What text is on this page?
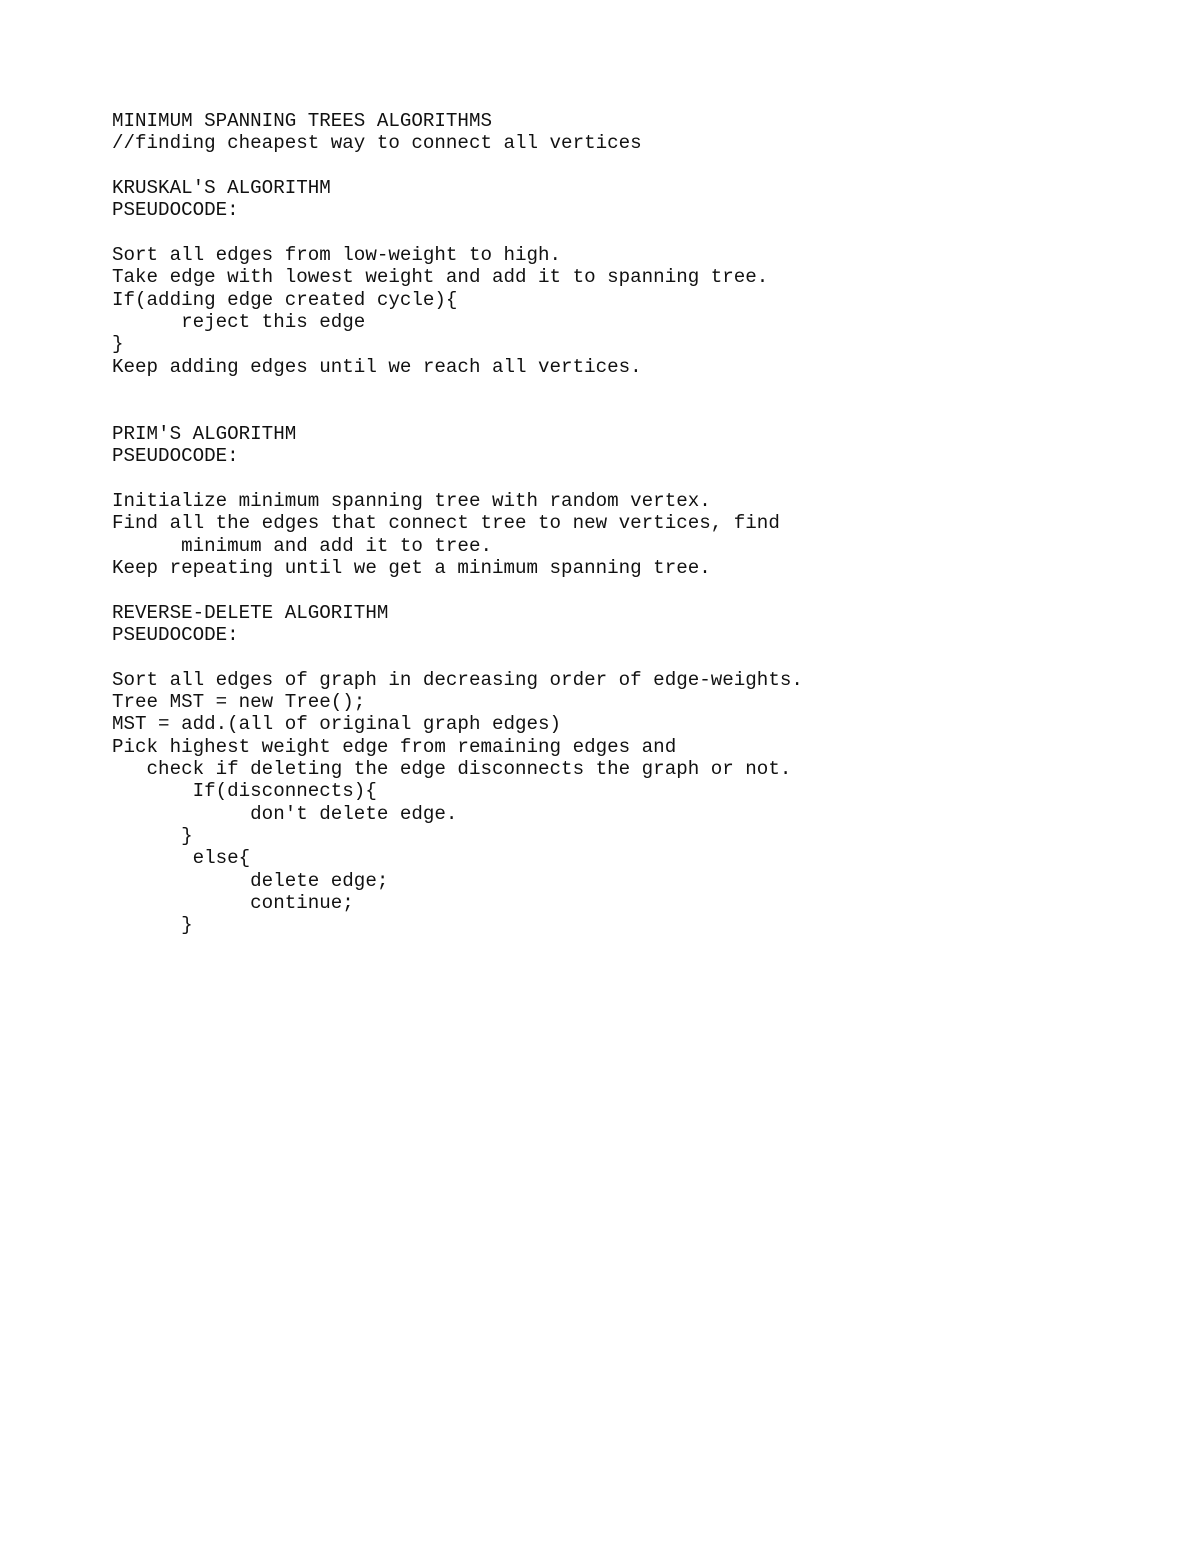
MINIMUM SPANNING TREES ALGORITHMS
//finding cheapest way to connect all vertices
KRUSKAL'S ALGORITHM
PSEUDOCODE:
Sort all edges from low-weight to high.
Take edge with lowest weight and add it to spanning tree.
If(adding edge created cycle){
reject this edge
}
Keep adding edges until we reach all vertices.
PRIM'S ALGORITHM
PSEUDOCODE:
Initialize minimum spanning tree with random vertex.
Find all the edges that connect tree to new vertices, find
minimum and add it to tree.
Keep repeating until we get a minimum spanning tree.
REVERSE-DELETE ALGORITHM
PSEUDOCODE:
Sort all edges of graph in decreasing order of edge-weights.
Tree MST = new Tree();
MST = add.(all of original graph edges)
Pick highest weight edge from remaining edges and
check if deleting the edge disconnects the graph or not.
If(disconnects){
don't delete edge.
}
else{
delete edge;
continue;
}
